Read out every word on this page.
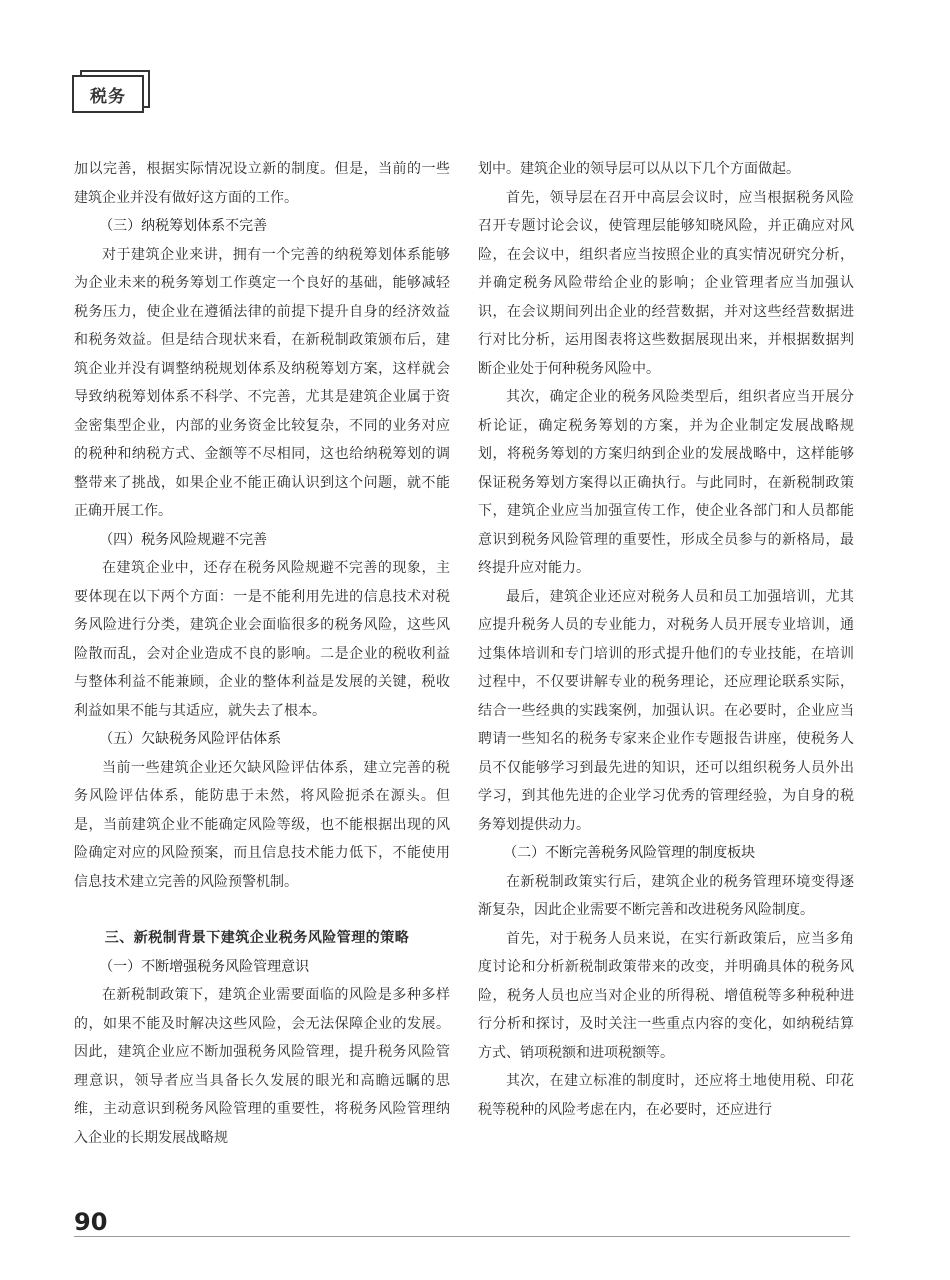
税务

加以完善，根据实际情况设立新的制度。但是，当前的一些建筑企业并没有做好这方面的工作。

（三）纳税筹划体系不完善

对于建筑企业来讲，拥有一个完善的纳税筹划体系能够为企业未来的税务筹划工作奠定一个良好的基础，能够减轻税务压力，使企业在遵循法律的前提下提升自身的经济效益和税务效益。但是结合现状来看，在新税制政策颁布后，建筑企业并没有调整纳税规划体系及纳税筹划方案，这样就会导致纳税筹划体系不科学、不完善，尤其是建筑企业属于资金密集型企业，内部的业务资金比较复杂，不同的业务对应的税种和纳税方式、金额等不尽相同，这也给纳税筹划的调整带来了挑战，如果企业不能正确认识到这个问题，就不能正确开展工作。

（四）税务风险规避不完善

在建筑企业中，还存在税务风险规避不完善的现象，主要体现在以下两个方面：一是不能利用先进的信息技术对税务风险进行分类，建筑企业会面临很多的税务风险，这些风险散而乱，会对企业造成不良的影响。二是企业的税收利益与整体利益不能兼顾，企业的整体利益是发展的关键，税收利益如果不能与其适应，就失去了根本。

（五）欠缺税务风险评估体系

当前一些建筑企业还欠缺风险评估体系，建立完善的税务风险评估体系，能防患于未然，将风险扼杀在源头。但是，当前建筑企业不能确定风险等级，也不能根据出现的风险确定对应的风险预案，而且信息技术能力低下，不能使用信息技术建立完善的风险预警机制。

三、新税制背景下建筑企业税务风险管理的策略

（一）不断增强税务风险管理意识

在新税制政策下，建筑企业需要面临的风险是多种多样的，如果不能及时解决这些风险，会无法保障企业的发展。因此，建筑企业应不断加强税务风险管理，提升税务风险管理意识，领导者应当具备长久发展的眼光和高瞻远瞩的思维，主动意识到税务风险管理的重要性，将税务风险管理纳入企业的长期发展战略规

划中。建筑企业的领导层可以从以下几个方面做起。

首先，领导层在召开中高层会议时，应当根据税务风险召开专题讨论会议，使管理层能够知晓风险，并正确应对风险，在会议中，组织者应当按照企业的真实情况研究分析，并确定税务风险带给企业的影响；企业管理者应当加强认识，在会议期间列出企业的经营数据，并对这些经营数据进行对比分析，运用图表将这些数据展现出来，并根据数据判断企业处于何种税务风险中。

其次，确定企业的税务风险类型后，组织者应当开展分析论证，确定税务筹划的方案，并为企业制定发展战略规划，将税务筹划的方案归纳到企业的发展战略中，这样能够保证税务筹划方案得以正确执行。与此同时，在新税制政策下，建筑企业应当加强宣传工作，使企业各部门和人员都能意识到税务风险管理的重要性，形成全员参与的新格局，最终提升应对能力。

最后，建筑企业还应对税务人员和员工加强培训，尤其应提升税务人员的专业能力，对税务人员开展专业培训，通过集体培训和专门培训的形式提升他们的专业技能，在培训过程中，不仅要讲解专业的税务理论，还应理论联系实际，结合一些经典的实践案例，加强认识。在必要时，企业应当聘请一些知名的税务专家来企业作专题报告讲座，使税务人员不仅能够学习到最先进的知识，还可以组织税务人员外出学习，到其他先进的企业学习优秀的管理经验，为自身的税务筹划提供动力。

（二）不断完善税务风险管理的制度板块

在新税制政策实行后，建筑企业的税务管理环境变得逐渐复杂，因此企业需要不断完善和改进税务风险制度。

首先，对于税务人员来说，在实行新政策后，应当多角度讨论和分析新税制政策带来的改变，并明确具体的税务风险，税务人员也应当对企业的所得税、增值税等多种税种进行分析和探讨，及时关注一些重点内容的变化，如纳税结算方式、销项税额和进项税额等。

其次，在建立标准的制度时，还应将土地使用税、印花税等税种的风险考虑在内，在必要时，还应进行

90
